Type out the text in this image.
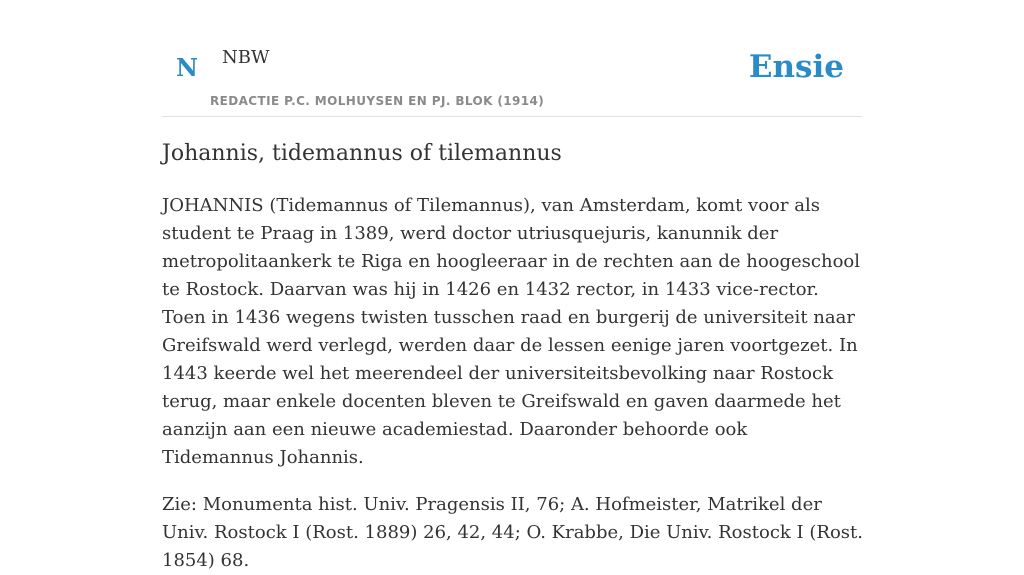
N NBW
REDACTIE P.C. MOLHUYSEN EN PJ. BLOK (1914)
Ensie
Johannis, tidemannus of tilemannus

JOHANNIS (Tidemannus of Tilemannus), van Amsterdam, komt voor als student te Praag in 1389, werd doctor utriusquejuris, kanunnik der metropolitaankerk te Riga en hoogleeraar in de rechten aan de hoogeschool te Rostock. Daarvan was hij in 1426 en 1432 rector, in 1433 vice-rector. Toen in 1436 wegens twisten tusschen raad en burgerij de universiteit naar Greifswald werd verlegd, werden daar de lessen eenige jaren voortgezet. In 1443 keerde wel het meerendeel der universiteitsbevolking naar Rostock terug, maar enkele docenten bleven te Greifswald en gaven daarmede het aanzijn aan een nieuwe academiestad. Daaronder behoorde ook Tidemannus Johannis.

Zie: Monumenta hist. Univ. Pragensis II, 76; A. Hofmeister, Matrikel der Univ. Rostock I (Rost. 1889) 26, 42, 44; O. Krabbe, Die Univ. Rostock I (Rost. 1854) 68.
